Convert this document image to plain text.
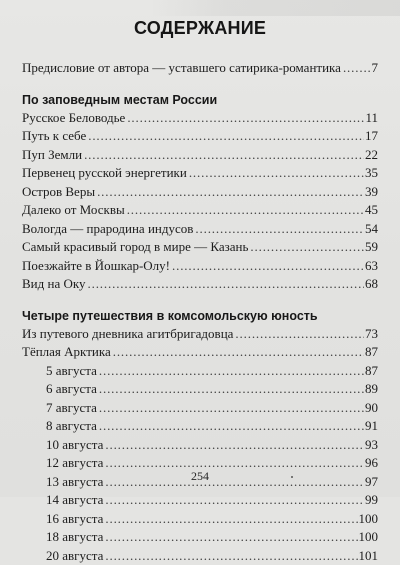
СОДЕРЖАНИЕ
Предисловие от автора — уставшего сатирика-романтика . . . 7
По заповедным местам России
Русское Беловодье . . .	11
Путь к себе . . .	17
Пуп Земли . . .	22
Первенец русской энергетики . . .	35
Остров Веры . . .	39
Далеко от Москвы . . .	45
Вологда — прародина индусов . . .	54
Самый красивый город в мире — Казань . . .	59
Поезжайте в Йошкар-Олу! . . .	63
Вид на Оку . . .	68
Четыре путешествия в комсомольскую юность
Из путевого дневника агитбригадовца . . .	73
Тёплая Арктика . . .	87
5 августа . . .	87
6 августа . . .	89
7 августа . . .	90
8 августа . . .	91
10 августа . . .	93
12 августа . . .	96
13 августа . . .	97
14 августа . . .	99
16 августа . . .	100
18 августа . . .	100
20 августа . . .	101
254
